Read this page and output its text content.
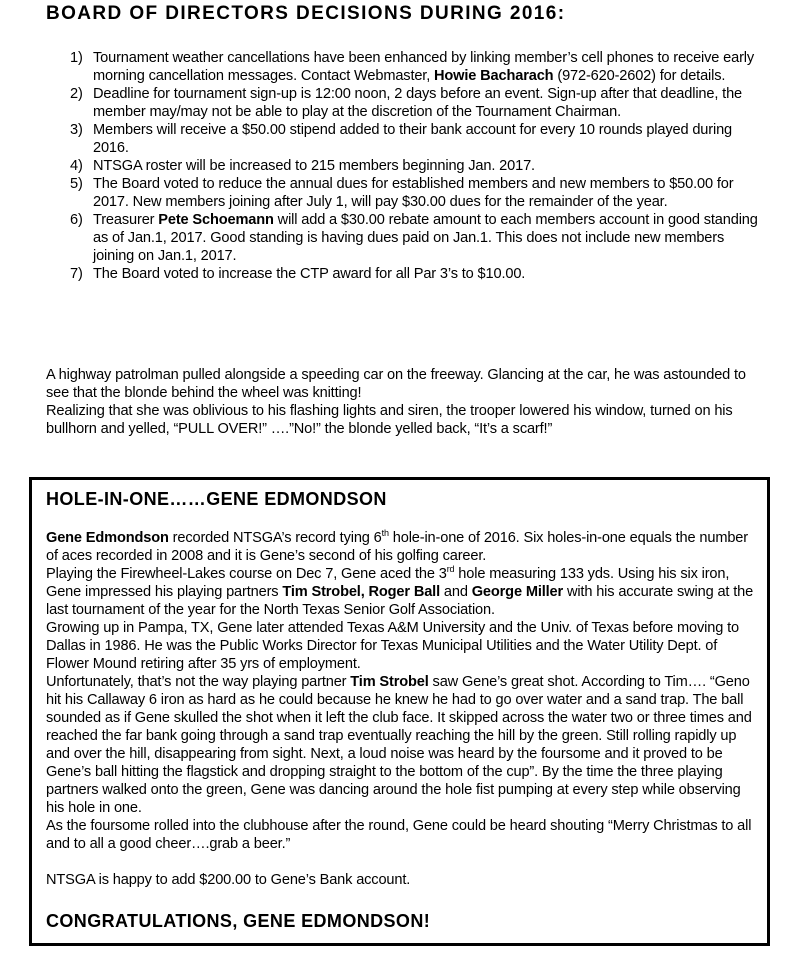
BOARD OF DIRECTORS DECISIONS DURING 2016:
1) Tournament weather cancellations have been enhanced by linking member’s cell phones to receive early morning cancellation messages. Contact Webmaster, Howie Bacharach (972-620-2602) for details.
2) Deadline for tournament sign-up is 12:00 noon, 2 days before an event. Sign-up after that deadline, the member may/may not be able to play at the discretion of the Tournament Chairman.
3) Members will receive a $50.00 stipend added to their bank account for every 10 rounds played during 2016.
4) NTSGA roster will be increased to 215 members beginning Jan. 2017.
5) The Board voted to reduce the annual dues for established members and new members to $50.00 for 2017. New members joining after July 1, will pay $30.00 dues for the remainder of the year.
6) Treasurer Pete Schoemann will add a $30.00 rebate amount to each members account in good standing as of Jan.1, 2017. Good standing is having dues paid on Jan.1. This does not include new members joining on Jan.1, 2017.
7) The Board voted to increase the CTP award for all Par 3’s to $10.00.

A highway patrolman pulled alongside a speeding car on the freeway. Glancing at the car, he was astounded to see that the blonde behind the wheel was knitting!

Realizing that she was oblivious to his flashing lights and siren, the trooper lowered his window, turned on his bullhorn and yelled, “PULL OVER!” ….”No!” the blonde yelled back, “It’s a scarf!”

HOLE-IN-ONE……GENE EDMONDSON

Gene Edmondson recorded NTSGA’s record tying 6th hole-in-one of 2016. Six holes-in-one equals the number of aces recorded in 2008 and it is Gene’s second of his golfing career.

Playing the Firewheel-Lakes course on Dec 7, Gene aced the 3rd hole measuring 133 yds. Using his six iron, Gene impressed his playing partners Tim Strobel, Roger Ball and George Miller with his accurate swing at the last tournament of the year for the North Texas Senior Golf Association.

Growing up in Pampa, TX, Gene later attended Texas A&M University and the Univ. of Texas before moving to Dallas in 1986. He was the Public Works Director for Texas Municipal Utilities and the Water Utility Dept. of Flower Mound retiring after 35 yrs of employment.

Unfortunately, that’s not the way playing partner Tim Strobel saw Gene’s great shot. According to Tim…. “Geno hit his Callaway 6 iron as hard as he could because he knew he had to go over water and a sand trap. The ball sounded as if Gene skulled the shot when it left the club face. It skipped across the water two or three times and reached the far bank going through a sand trap eventually reaching the hill by the green. Still rolling rapidly up and over the hill, disappearing from sight. Next, a loud noise was heard by the foursome and it proved to be Gene’s ball hitting the flagstick and dropping straight to the bottom of the cup”. By the time the three playing partners walked onto the green, Gene was dancing around the hole fist pumping at every step while observing his hole in one.

As the foursome rolled into the clubhouse after the round, Gene could be heard shouting “Merry Christmas to all and to all a good cheer….grab a beer.”

NTSGA is happy to add $200.00 to Gene’s Bank account.

CONGRATULATIONS, GENE EDMONDSON!
